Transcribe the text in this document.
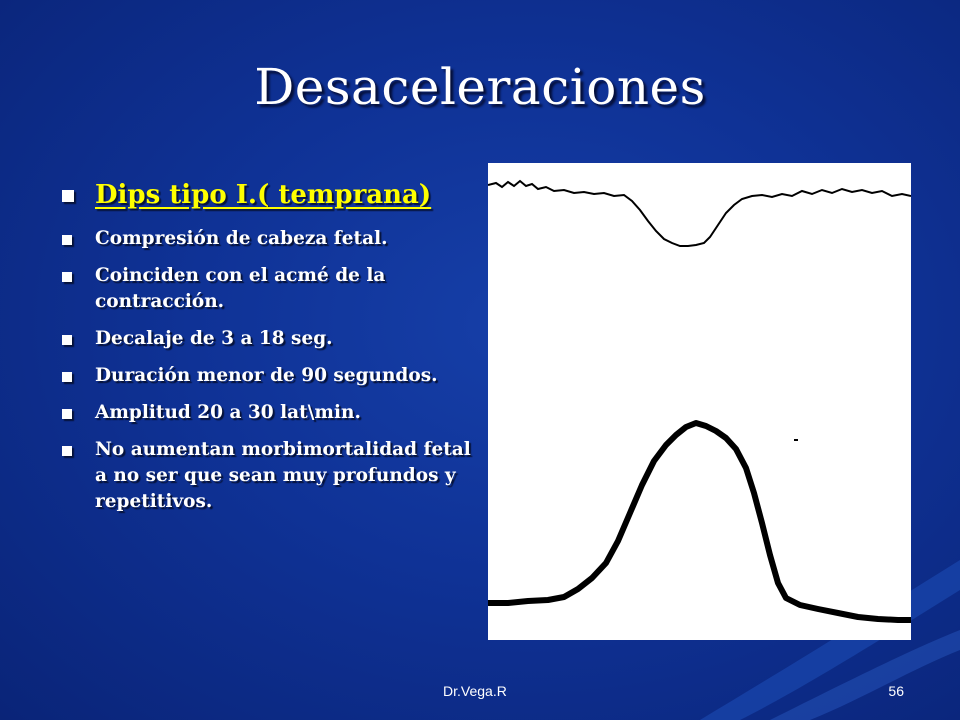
Desaceleraciones
Dips tipo I.( temprana)
Compresión de cabeza fetal.
Coinciden con el acmé de la contracción.
Decalaje de 3 a 18 seg.
Duración menor de 90 segundos.
Amplitud 20 a 30 lat\min.
No aumentan morbimortalidad fetal a no ser que sean muy profundos y repetitivos.
Dr.Vega.R	56
